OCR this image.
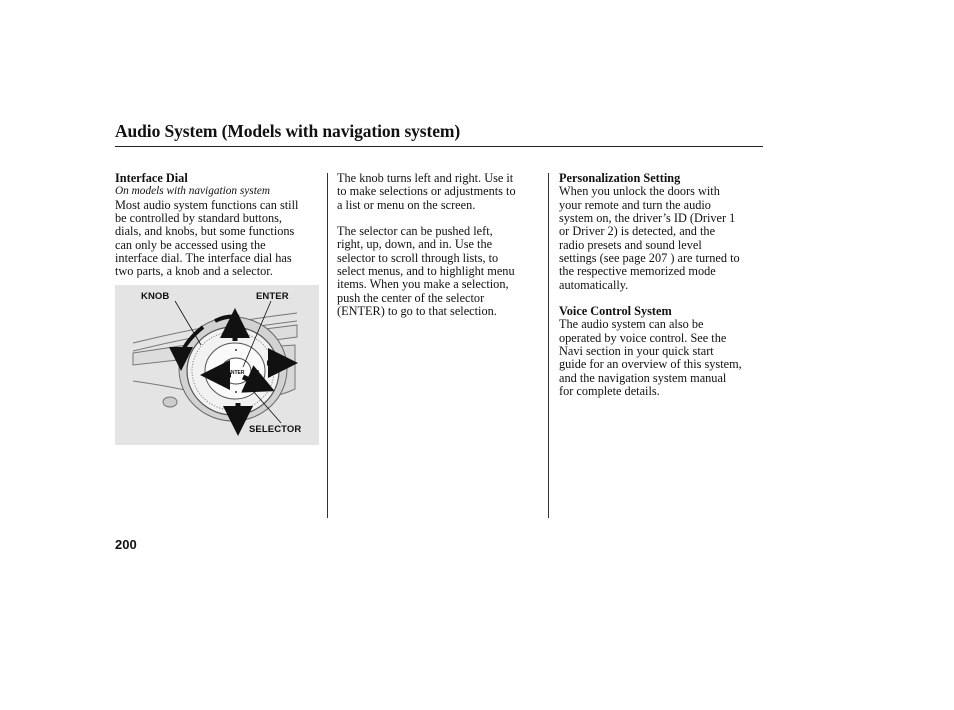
Audio System (Models with navigation system)

Interface Dial

On models with navigation system

Most audio system functions can still

be controlled by standard buttons,

dials, and knobs, but some functions

can only be accessed using the

interface dial. The interface dial has

two parts, a knob and a selector.

ENTER
KNOB	ENTER
SELECTOR

The knob turns left and right. Use it

to make selections or adjustments to

a list or menu on the screen.

The selector can be pushed left,

right, up, down, and in. Use the

selector to scroll through lists, to

select menus, and to highlight menu

items. When you make a selection,

push the center of the selector

(ENTER) to go to that selection.

Personalization Setting

When you unlock the doors with

your remote and turn the audio

system on, the driver’s ID (Driver 1

or Driver 2) is detected, and the

radio presets and sound level

settings (see page 207 ) are turned to

the respective memorized mode

automatically.

Voice Control System

The audio system can also be

operated by voice control. See the

Navi section in your quick start

guide for an overview of this system,

and the navigation system manual

for complete details.

200
